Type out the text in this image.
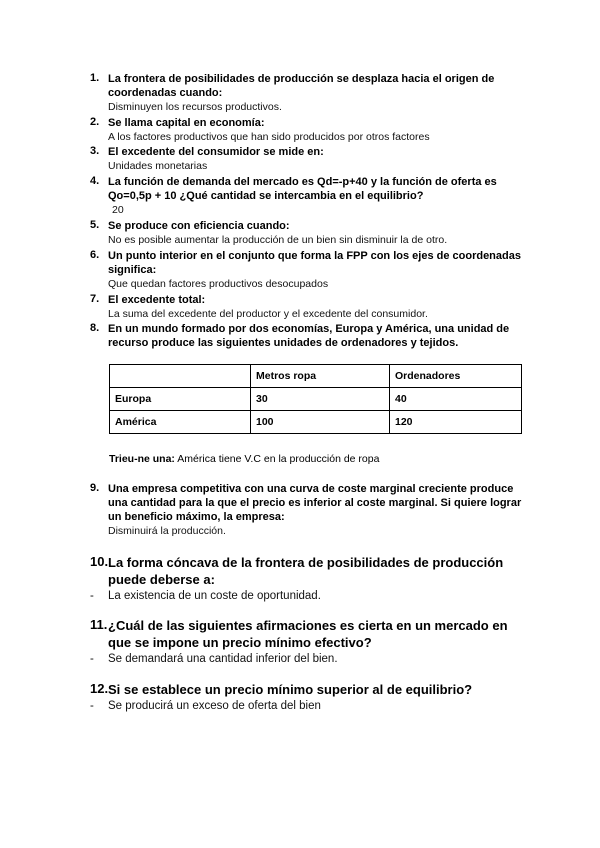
1. La frontera de posibilidades de producción se desplaza hacia el origen de coordenadas cuando:
Disminuyen los recursos productivos.
2. Se llama capital en economía:
A los factores productivos que han sido producidos por otros factores
3. El excedente del consumidor se mide en:
Unidades monetarias
4. La función de demanda del mercado es Qd=-p+40 y la función de oferta es Qo=0,5p + 10 ¿Qué cantidad se intercambia en el equilibrio?
20
5. Se produce con eficiencia cuando:
No es posible aumentar la producción de un bien sin disminuir la de otro.
6. Un punto interior en el conjunto que forma la FPP con los ejes de coordenadas significa:
Que quedan factores productivos desocupados
7. El excedente total:
La suma del excedente del productor y el excedente del consumidor.
8. En un mundo formado por dos economías, Europa y América, una unidad de recurso produce las siguientes unidades de ordenadores y tejidos.
	Metros ropa	Ordenadores
Europa	30	40
América	100	120
Trieu-ne una: América tiene V.C en la producción de ropa
9. Una empresa competitiva con una curva de coste marginal creciente produce una cantidad para la que el precio es inferior al coste marginal. Si quiere lograr un beneficio máximo, la empresa:
Disminuirá la producción.
10. La forma cóncava de la frontera de posibilidades de producción puede deberse a:
- La existencia de un coste de oportunidad.
11. ¿Cuál de las siguientes afirmaciones es cierta en un mercado en que se impone un precio mínimo efectivo?
- Se demandará una cantidad inferior del bien.
12. Si se establece un precio mínimo superior al de equilibrio?
- Se producirá un exceso de oferta del bien
